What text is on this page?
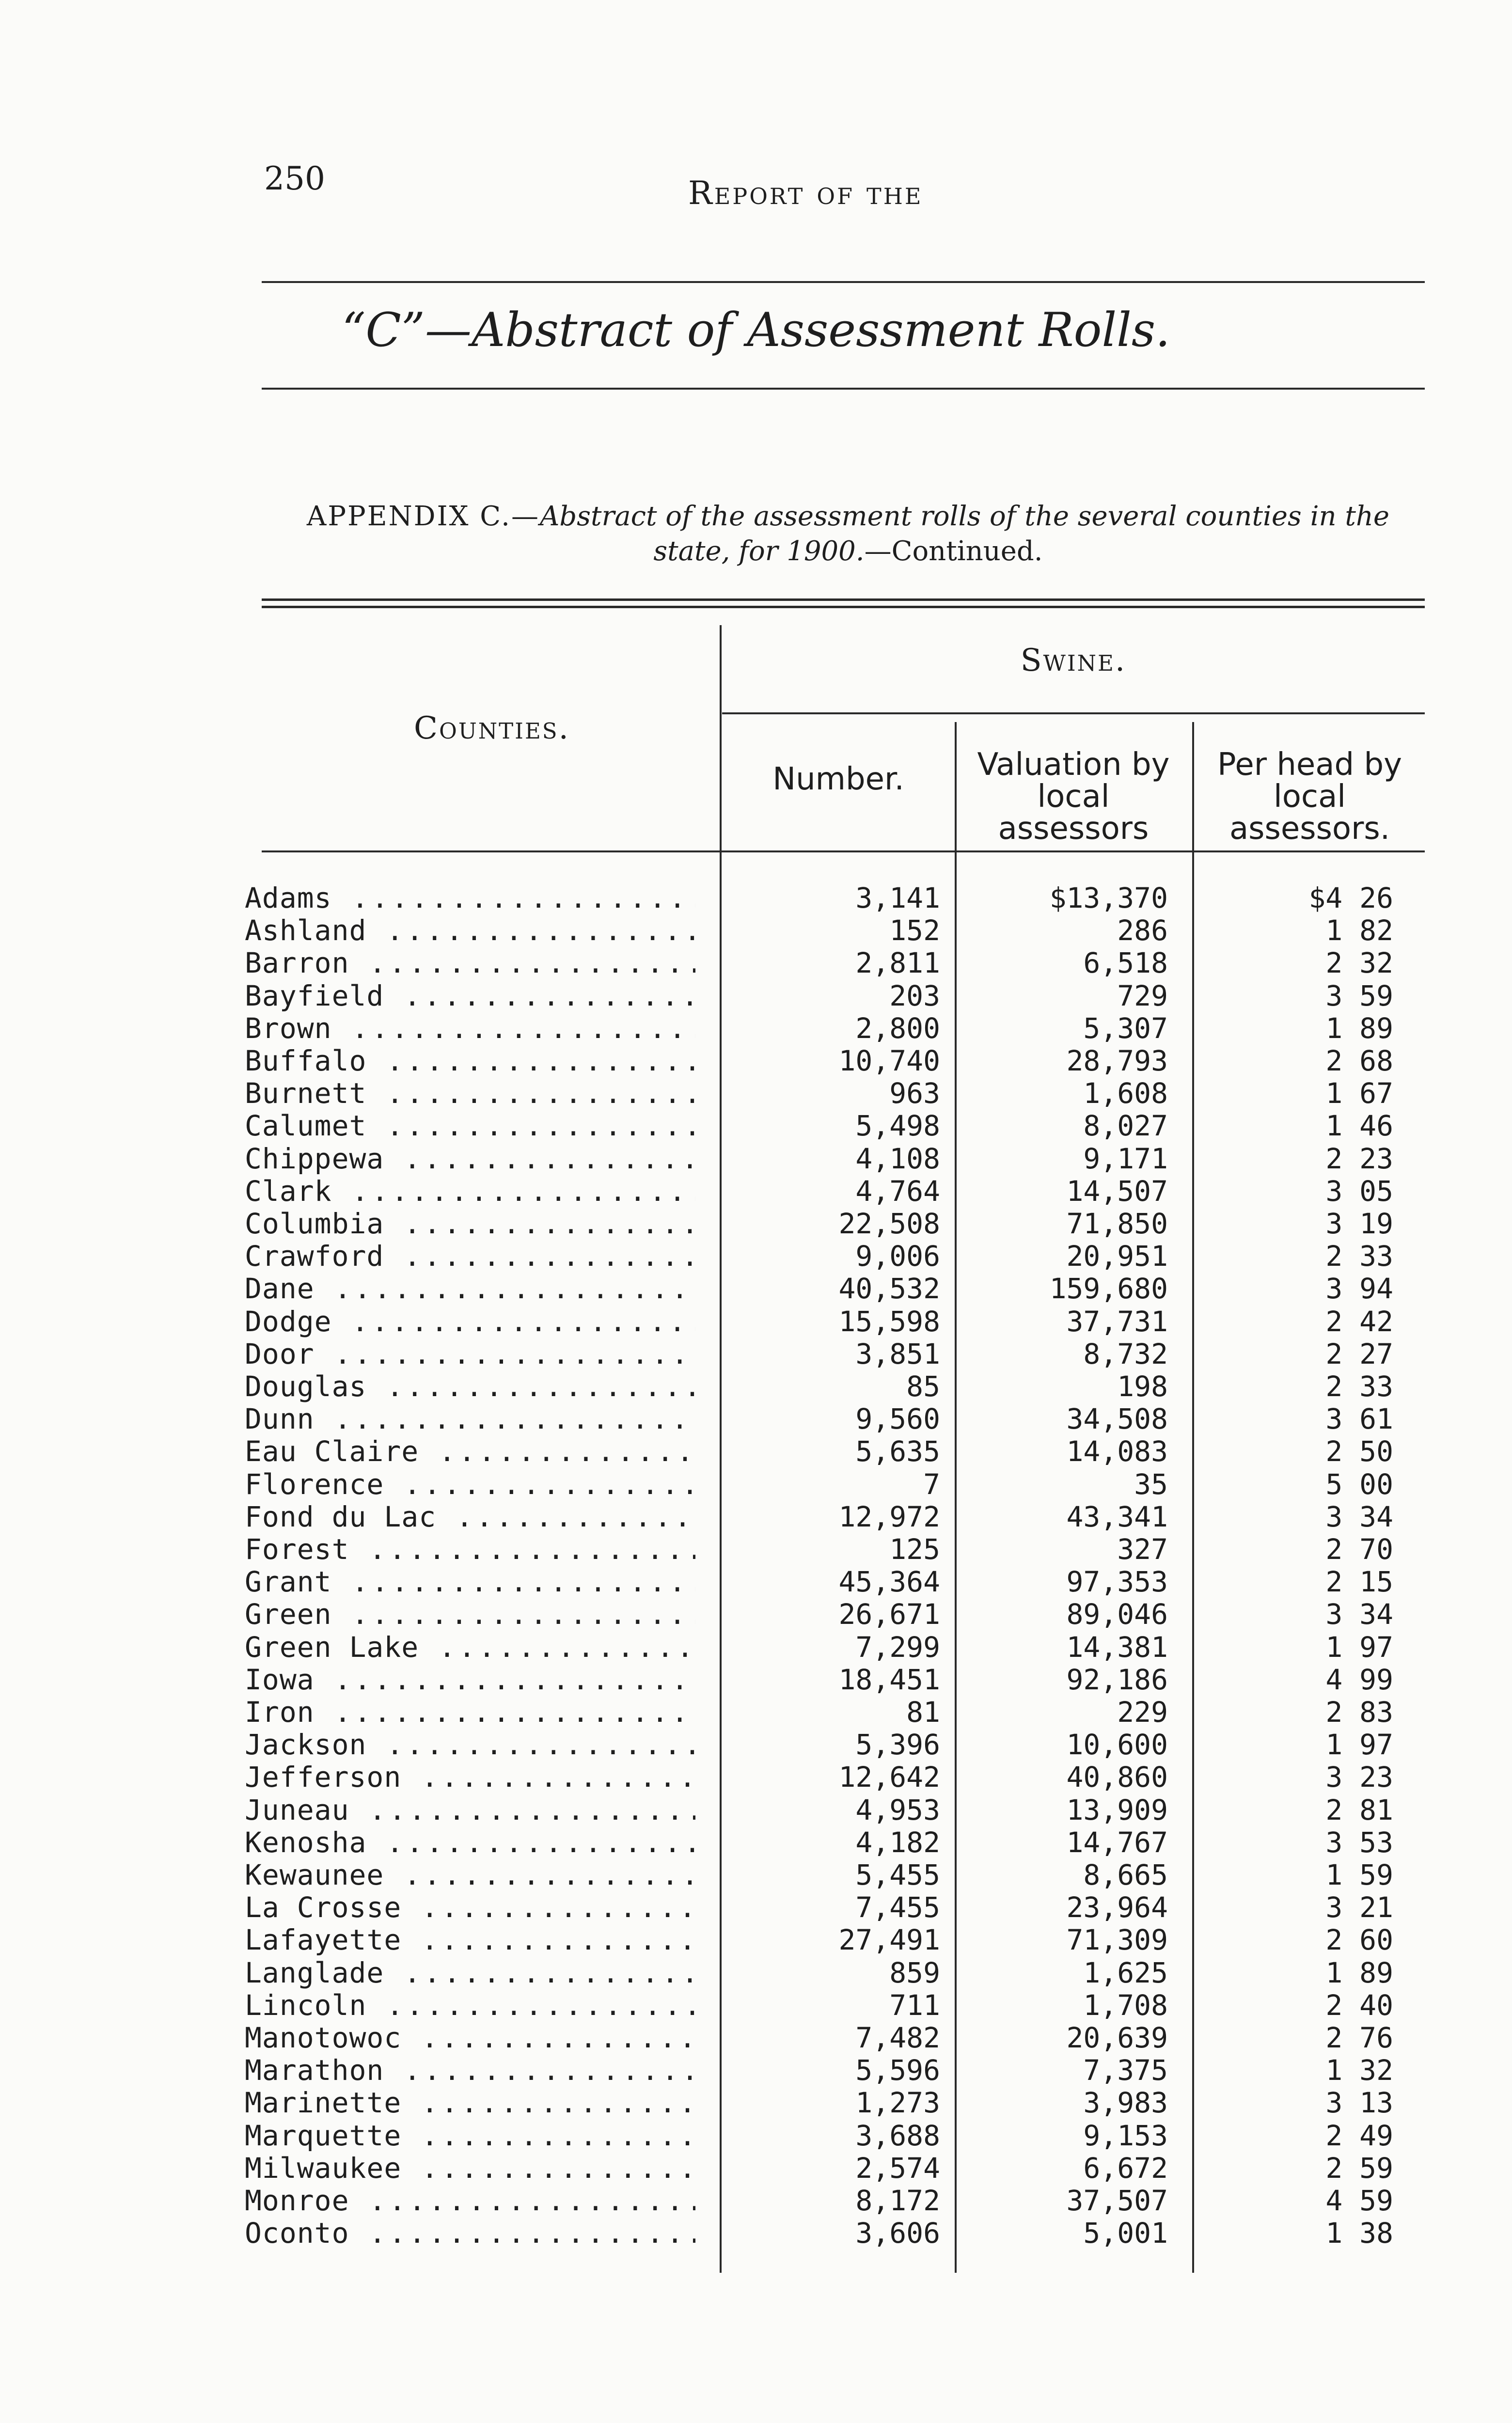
250	Report of the
“C”—Abstract of Assessment Rolls.
APPENDIX C.—Abstract of the assessment rolls of the several counties in the state, for 1900.—Continued.
Counties.
Swine.
Number.	Valuation by local assessors
Per head by local assessors.
Adams .....	3,141	$13,370	$4 26
Ashland .....	152	286	1 82
Barron .....	2,811	6,518	2 32
Bayfield .....	203	729	3 59
Brown .....	2,800	5,307	1 89
Buffalo .....	10,740	28,793	2 68
Burnett .....	963	1,608	1 67
Calumet .....	5,498	8,027	1 46
Chippewa .....	4,108	9,171	2 23
Clark .....	4,764	14,507	3 05
Columbia .....	22,508	71,850	3 19
Crawford .....	9,006	20,951	2 33
Dane .....	40,532	159,680	3 94
Dodge .....	15,598	37,731	2 42
Door .....	3,851	8,732	2 27
Douglas .....	85	198	2 33
Dunn .....	9,560	34,508	3 61
Eau Claire .....	5,635	14,083	2 50
Florence .....	7	35	5 00
Fond du Lac .....	12,972	43,341	3 34
Forest .....	125	327	2 70
Grant .....	45,364	97,353	2 15
Green .....	26,671	89,046	3 34
Green Lake .....	7,299	14,381	1 97
Iowa .....	18,451	92,186	4 99
Iron .....	81	229	2 83
Jackson .....	5,396	10,600	1 97
Jefferson .....	12,642	40,860	3 23
Juneau .....	4,953	13,909	2 81
Kenosha .....	4,182	14,767	3 53
Kewaunee .....	5,455	8,665	1 59
La Crosse .....	7,455	23,964	3 21
Lafayette .....	27,491	71,309	2 60
Langlade .....	859	1,625	1 89
Lincoln .....	711	1,708	2 40
Manotowoc .....	7,482	20,639	2 76
Marathon .....	5,596	7,375	1 32
Marinette .....	1,273	3,983	3 13
Marquette .....	3,688	9,153	2 49
Milwaukee .....	2,574	6,672	2 59
Monroe .....	8,172	37,507	4 59
Oconto .....	3,606	5,001	1 38
